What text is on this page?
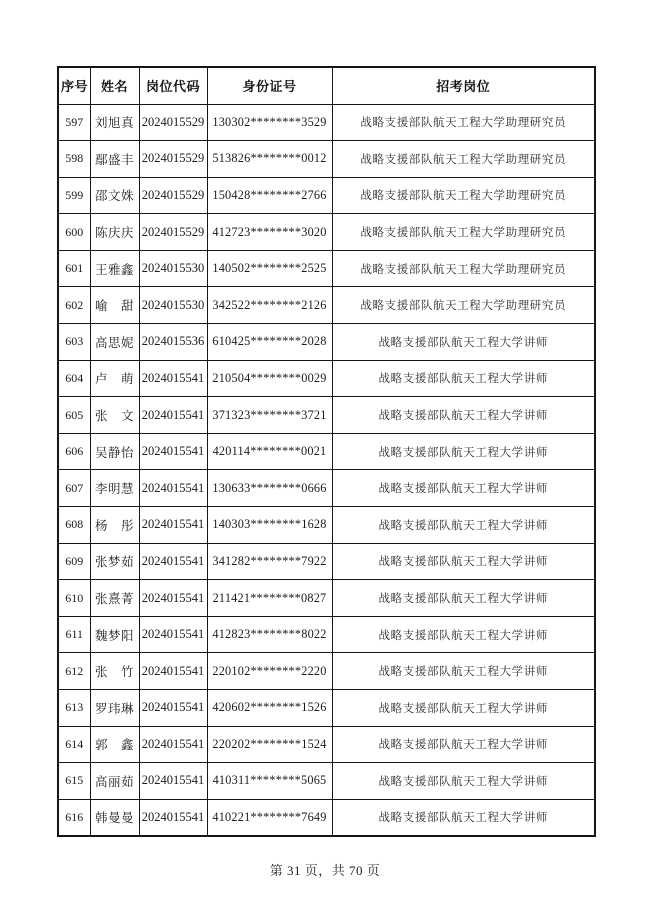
序号	姓名	岗位代码	身份证号	招考岗位
597	刘旭真	2024015529	130302********3529	战略支援部队航天工程大学助理研究员
598	鄢盛丰	2024015529	513826********0012	战略支援部队航天工程大学助理研究员
599	邵文姝	2024015529	150428********2766	战略支援部队航天工程大学助理研究员
600	陈庆庆	2024015529	412723********3020	战略支援部队航天工程大学助理研究员
601	王雅鑫	2024015530	140502********2525	战略支援部队航天工程大学助理研究员
602	喻　甜	2024015530	342522********2126	战略支援部队航天工程大学助理研究员
603	高思妮	2024015536	610425********2028	战略支援部队航天工程大学讲师
604	卢　萌	2024015541	210504********0029	战略支援部队航天工程大学讲师
605	张　文	2024015541	371323********3721	战略支援部队航天工程大学讲师
606	吴静怡	2024015541	420114********0021	战略支援部队航天工程大学讲师
607	李明慧	2024015541	130633********0666	战略支援部队航天工程大学讲师
608	杨　彤	2024015541	140303********1628	战略支援部队航天工程大学讲师
609	张梦茹	2024015541	341282********7922	战略支援部队航天工程大学讲师
610	张熹菁	2024015541	211421********0827	战略支援部队航天工程大学讲师
611	魏梦阳	2024015541	412823********8022	战略支援部队航天工程大学讲师
612	张　竹	2024015541	220102********2220	战略支援部队航天工程大学讲师
613	罗玮琳	2024015541	420602********1526	战略支援部队航天工程大学讲师
614	郭　鑫	2024015541	220202********1524	战略支援部队航天工程大学讲师
615	高丽茹	2024015541	410311********5065	战略支援部队航天工程大学讲师
616	韩曼曼	2024015541	410221********7649	战略支援部队航天工程大学讲师
第 31 页，共 70 页
